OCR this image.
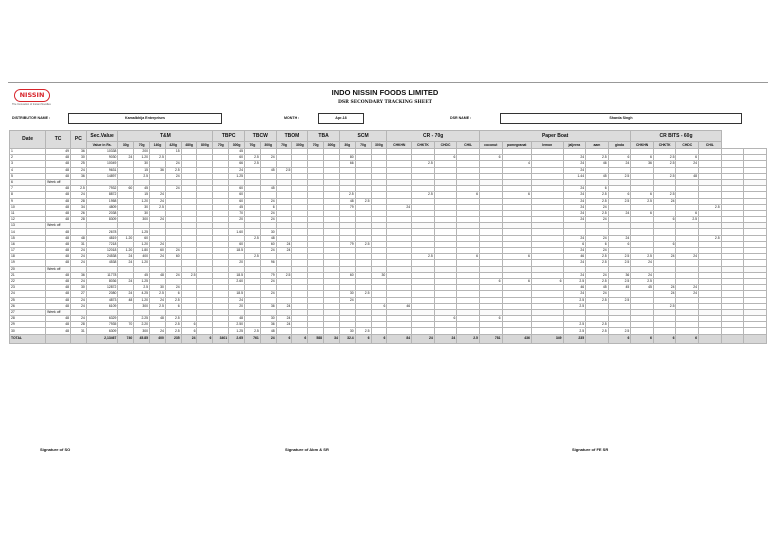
NISSIN
The Innovation of Instant Noodles
INDO NISSIN FOODS LIMITED
DSR SECONDARY TRACKING SHEET
DISTRIBUTOR NAME :	Kamalbhija Enterprises	MONTH :	Apr-18	DSR NAME :	Sharda Singh
Date	TC	PC	Sec.Value	T&M						TBPC		TBCW		TBOM		TBA		SCM			CR - 70g				Paper Boat						CR BITS - 60g					
			Value in Rs.	30g	70g	140g	420g	480g	800g	70g	300g	70g	300g	70g	300g	70g	300g	30g	70g	300g	CHKHN	CHKTK	CHDC	CHIL	coconut	pomegranat	lemon	jaljeera	aam	ginda	CHKHN	CHKTK	CHDC	CHIL		
1	49	36	10338		200		15				45																									
2	48	30	9030	24	1.20	2.5					60	2.5	24					80					6		6			24	2.5	6	6	2.5	6			
3	48	25	10049		30		24				66	2.5						66				2.5				4		24	46	24	36	2.5	24			
4	48	24	9631		15	36	2.5				24		45	2.5														24								
5	48	36	14897		2.5		24				1.25																	1.44	45	2.5		2.5	48			
6	Week off																																			
7	48	2.5	7932	60	45		24				60		45															24	6							
8	48	24	8872		15	24					60							2.5				2.5		6		6		24	2.5	6	6	2.5				
9	48	28	1958		1.20	24					60		24					48	2.5									24	2.5	2.5	2.5	24				
10	48	34	4809		30	2.5					45		6					79			24							24	24					2.5		
11	48	26	2038		30						70		24															24	2.5	24	6		6			
12	48	28	8309		300	24					20		24															24	24			6	2.5			
13	Week off																																			
14	48		2678		1.25						1.60		30																							
15	48	48	4819	1.20	60							2.5	48															24	24	24				2.5		
16	48	31	7218		1.20	24					60		60	24				79	2.5									6	6	6		6				
17	48	24	12018	1.20	1.80	60	24				18.5		24	24														24	24							
18	48	24	24538	24	400	24	60					2.5										2.5		6		6		46	2.5	2.5	2.5	24	24			
19	48	24	4538	24	1.20						20		96															24	2.5	2.5	24					
20	Week off																																			
21	48	36	11778		45	48	24	2.5			18.5		79	2.5				60		30								24	24	36	24					
22	48	24	8036	24	1.25						2.60		24												6	6	6	2.5	2.5	2.5	2.5					
23	48	30	12872		2.5	30	24																					46	45	45	45	24	24			
24	48	27	2080	24	4.25	2.5	6				18.5		24					30	2.5									24	24			24	24			
25	48	24	4873	48	1.20	24	2.5				24							24										2.5	2.5	2.5						
26	48	24	6109		300	2.5	6				20		36	24						6	46							2.5				2.5				
27	Week off																																			
28	48	24	6329		2.25	48	2.5				48		30	24									6		6											
29	48	28	7935	70	2.20		2.5	6			2.50		36	24														2.5	2.5							
30	48	31	6309		300	24	2.5	6			1.25	2.5	48					30	2.5									2.5	2.5	2.5						
TOTAL			2,13467	740	45.85	400	235	24	6	3401	2.65	761	24	6	6	588	34	32.4	6	6	84	24	24	2.5	781	436	349	235		6	6	6	6			
Signature of SO	Signature of Abm & SR	Signature of FE SR
